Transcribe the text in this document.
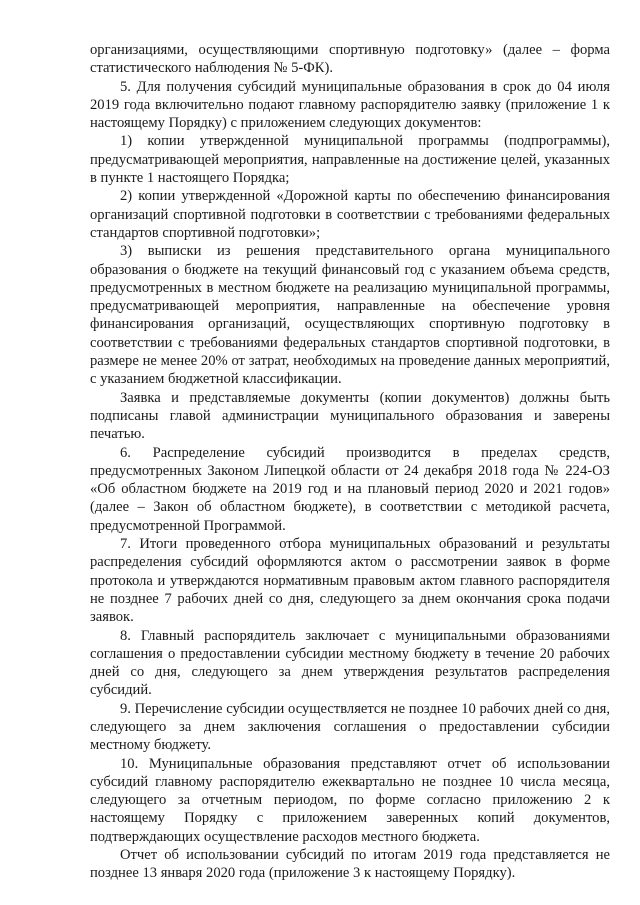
организациями, осуществляющими спортивную подготовку» (далее – форма статистического наблюдения № 5-ФК).

5. Для получения субсидий муниципальные образования в срок до 04 июля 2019 года включительно подают главному распорядителю заявку (приложение 1 к настоящему Порядку) с приложением следующих документов:

1) копии утвержденной муниципальной программы (подпрограммы), предусматривающей мероприятия, направленные на достижение целей, указанных в пункте 1 настоящего Порядка;

2) копии утвержденной «Дорожной карты по обеспечению финансирования организаций спортивной подготовки в соответствии с требованиями федеральных стандартов спортивной подготовки»;

3) выписки из решения представительного органа муниципального образования о бюджете на текущий финансовый год с указанием объема средств, предусмотренных в местном бюджете на реализацию муниципальной программы, предусматривающей мероприятия, направленные на обеспечение уровня финансирования организаций, осуществляющих спортивную подготовку в соответствии с требованиями федеральных стандартов спортивной подготовки, в размере не менее 20% от затрат, необходимых на проведение данных мероприятий, с указанием бюджетной классификации.

Заявка и представляемые документы (копии документов) должны быть подписаны главой администрации муниципального образования и заверены печатью.

6. Распределение субсидий производится в пределах средств, предусмотренных Законом Липецкой области от 24 декабря 2018 года № 224-ОЗ «Об областном бюджете на 2019 год и на плановый период 2020 и 2021 годов» (далее – Закон об областном бюджете), в соответствии с методикой расчета, предусмотренной Программой.

7. Итоги проведенного отбора муниципальных образований и результаты распределения субсидий оформляются актом о рассмотрении заявок в форме протокола и утверждаются нормативным правовым актом главного распорядителя не позднее 7 рабочих дней со дня, следующего за днем окончания срока подачи заявок.

8. Главный распорядитель заключает с муниципальными образованиями соглашения о предоставлении субсидии местному бюджету в течение 20 рабочих дней со дня, следующего за днем утверждения результатов распределения субсидий.

9. Перечисление субсидии осуществляется не позднее 10 рабочих дней со дня, следующего за днем заключения соглашения о предоставлении субсидии местному бюджету.

10. Муниципальные образования представляют отчет об использовании субсидий главному распорядителю ежеквартально не позднее 10 числа месяца, следующего за отчетным периодом, по форме согласно приложению 2 к настоящему Порядку с приложением заверенных копий документов, подтверждающих осуществление расходов местного бюджета.

Отчет об использовании субсидий по итогам 2019 года представляется не позднее 13 января 2020 года (приложение 3 к настоящему Порядку).
